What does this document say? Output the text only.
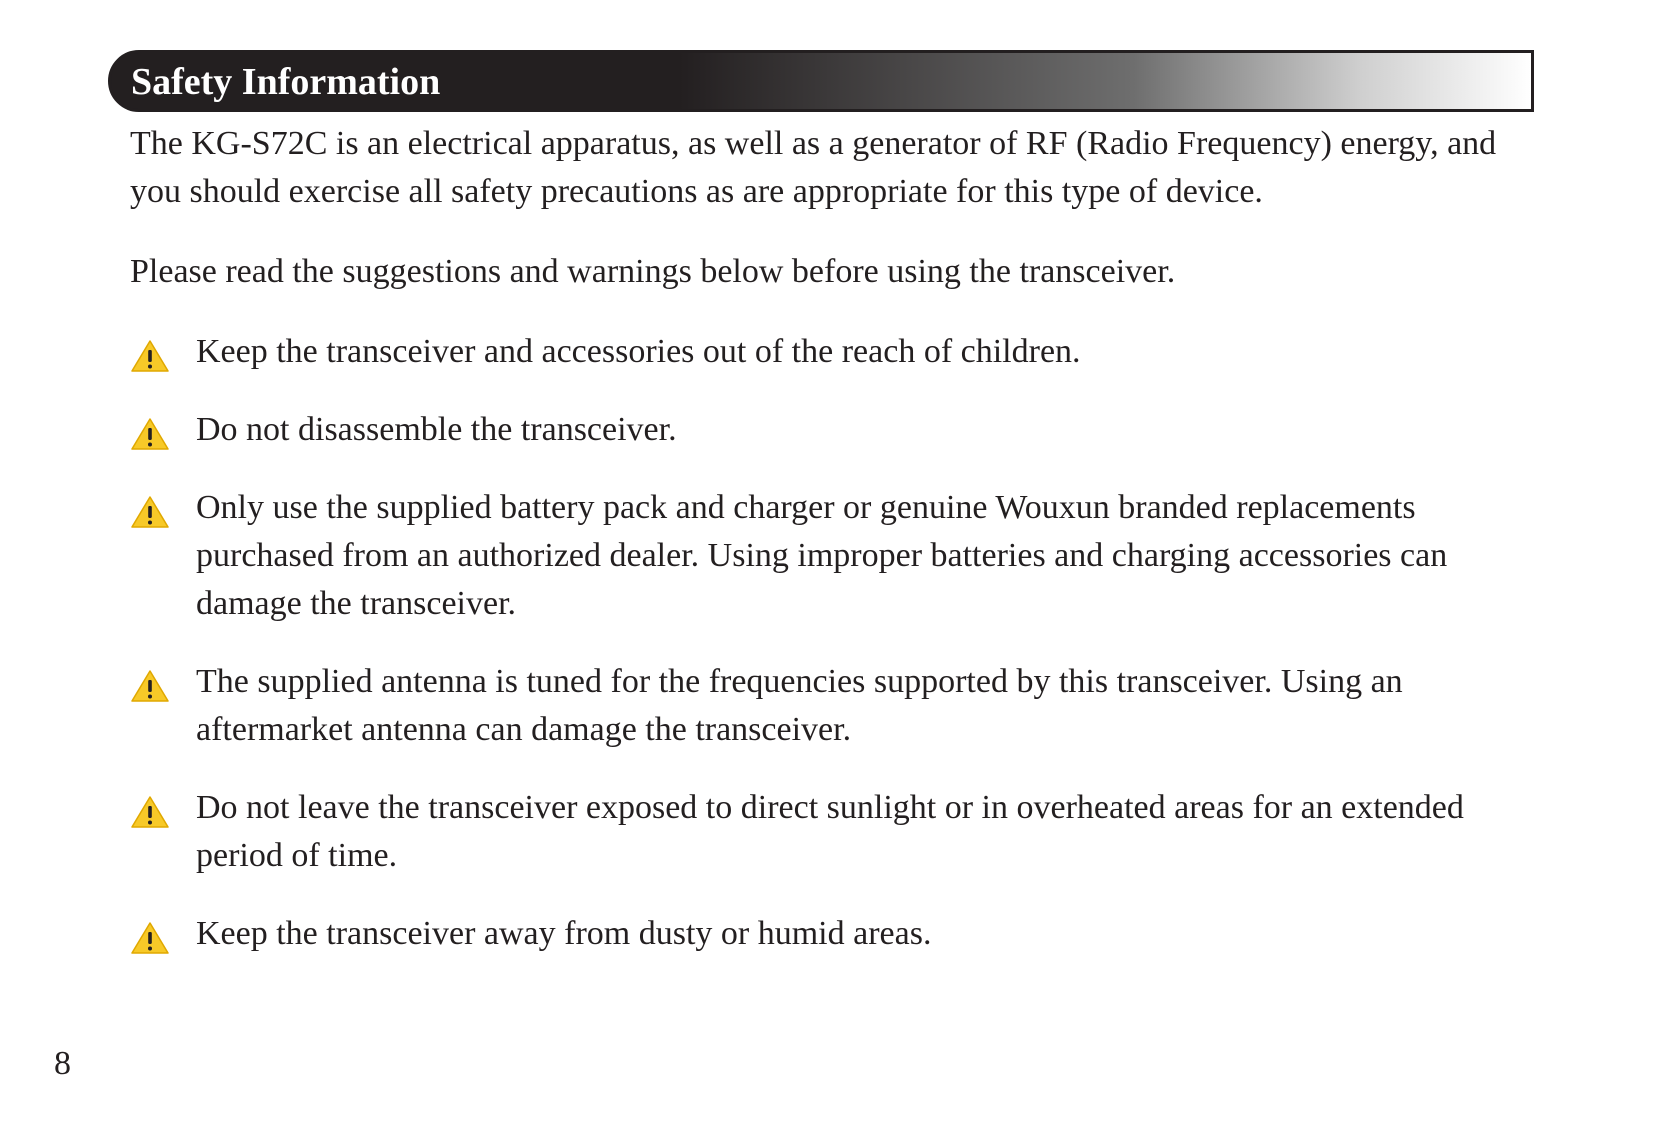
Safety Information

The KG-S72C is an electrical apparatus, as well as a generator of RF (Radio Frequency) energy, and you should exercise all safety precautions as are appropriate for this type of device.

Please read the suggestions and warnings below before using the transceiver.

Keep the transceiver and accessories out of the reach of children.
Do not disassemble the transceiver.
Only use the supplied battery pack and charger or genuine Wouxun branded replacements purchased from an authorized dealer. Using improper batteries and charging accessories can damage the transceiver.
The supplied antenna is tuned for the frequencies supported by this transceiver. Using an aftermarket antenna can damage the transceiver.
Do not leave the transceiver exposed to direct sunlight or in overheated areas for an extended period of time.
Keep the transceiver away from dusty or humid areas.
8
